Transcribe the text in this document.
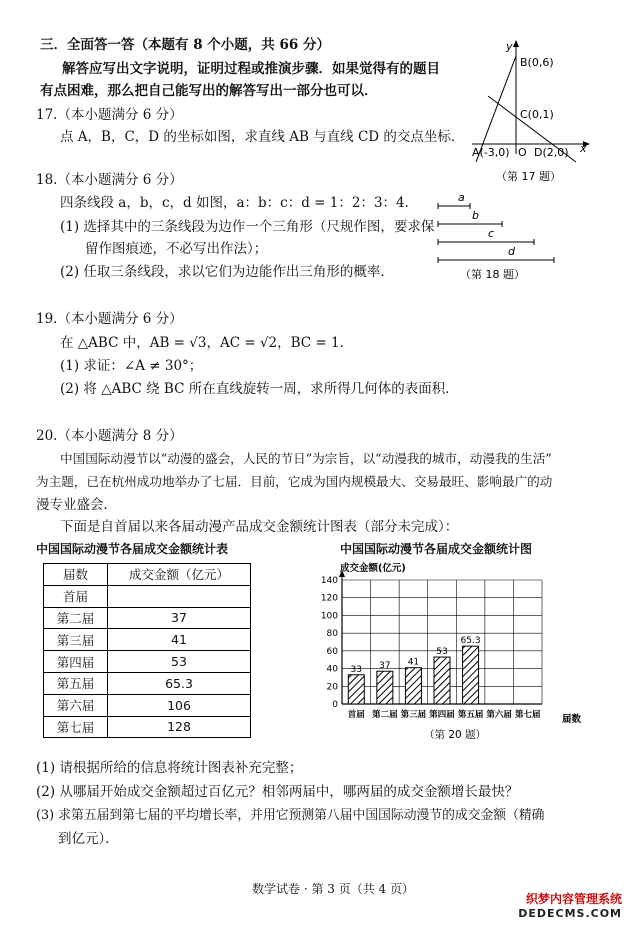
三．全面答一答（本题有 8 个小题，共 66 分）
解答应写出文字说明，证明过程或推演步骤．如果觉得有的题目
有点困难，那么把自己能写出的解答写出一部分也可以．
17.（本小题满分 6 分）
点 A，B，C，D 的坐标如图，求直线 AB 与直线 CD 的交点坐标．
y
x
B(0,6)
C(0,1)
A(-3,0) O D(2,0)
（第 17 题）
18.（本小题满分 6 分）
四条线段 a，b，c，d 如图，a：b：c：d = 1：2：3：4．
(1) 选择其中的三条线段为边作一个三角形（尺规作图，要求保
留作图痕迹，不必写出作法）；
(2) 任取三条线段，求以它们为边能作出三角形的概率．
a
b
c
d
（第 18 题）
19.（本小题满分 6 分）
在 △ABC 中，AB = √3，AC = √2，BC = 1．
(1) 求证：∠A ≠ 30°；
(2) 将 △ABC 绕 BC 所在直线旋转一周，求所得几何体的表面积．
20.（本小题满分 8 分）
中国国际动漫节以“动漫的盛会，人民的节日”为宗旨，以“动漫我的城市，动漫我的生活”
为主题，已在杭州成功地举办了七届．目前，它成为国内规模最大、交易最旺、影响最广的动
漫专业盛会．
下面是自首届以来各届动漫产品成交金额统计图表（部分未完成）：
中国国际动漫节各届成交金额统计表
届数	成交金额（亿元）
首届	
第二届	37
第三届	41
第四届	53
第五届	65.3
第六届	106
第七届	128
中国国际动漫节各届成交金额统计图
0
20
40
60
80
100
120
140
33
首届
37
第二届
41
第三届
53
第四届
65.3
第五届 第六届 第七届
成交金额(亿元)
届数
（第 20 题）
(1) 请根据所给的信息将统计图表补充完整；
(2) 从哪届开始成交金额超过百亿元？相邻两届中，哪两届的成交金额增长最快？
(3) 求第五届到第七届的平均增长率，并用它预测第八届中国国际动漫节的成交金额（精确
到亿元）．
数学试卷 · 第 3 页（共 4 页）
织梦内容管理系统
DEDECMS.COM
